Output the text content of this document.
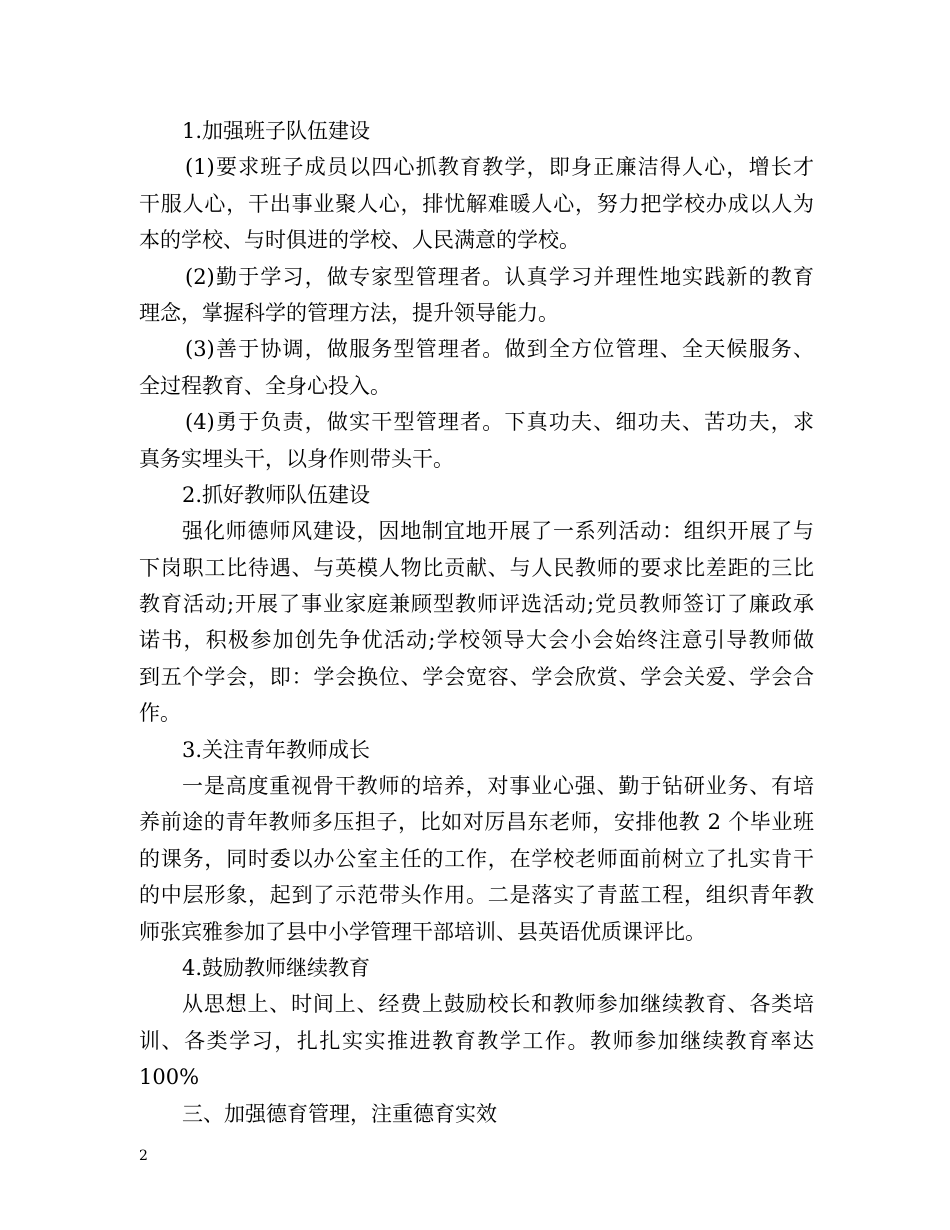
1.加强班子队伍建设
(1)要求班子成员以四心抓教育教学，即身正廉洁得人心，增长才
干服人心，干出事业聚人心，排忧解难暖人心，努力把学校办成以人为
本的学校、与时俱进的学校、人民满意的学校。
(2)勤于学习，做专家型管理者。认真学习并理性地实践新的教育
理念，掌握科学的管理方法，提升领导能力。
(3)善于协调，做服务型管理者。做到全方位管理、全天候服务、
全过程教育、全身心投入。
(4)勇于负责，做实干型管理者。下真功夫、细功夫、苦功夫，求
真务实埋头干，以身作则带头干。
2.抓好教师队伍建设
强化师德师风建设，因地制宜地开展了一系列活动：组织开展了与
下岗职工比待遇、与英模人物比贡献、与人民教师的要求比差距的三比
教育活动;开展了事业家庭兼顾型教师评选活动;党员教师签订了廉政承
诺书，积极参加创先争优活动;学校领导大会小会始终注意引导教师做
到五个学会，即：学会换位、学会宽容、学会欣赏、学会关爱、学会合
作。
3.关注青年教师成长
一是高度重视骨干教师的培养，对事业心强、勤于钻研业务、有培
养前途的青年教师多压担子，比如对厉昌东老师，安排他教 2 个毕业班
的课务，同时委以办公室主任的工作，在学校老师面前树立了扎实肯干
的中层形象，起到了示范带头作用。二是落实了青蓝工程，组织青年教
师张宾雅参加了县中小学管理干部培训、县英语优质课评比。
4.鼓励教师继续教育
从思想上、时间上、经费上鼓励校长和教师参加继续教育、各类培
训、各类学习，扎扎实实推进教育教学工作。教师参加继续教育率达
100%
三、加强德育管理，注重德育实效
2
